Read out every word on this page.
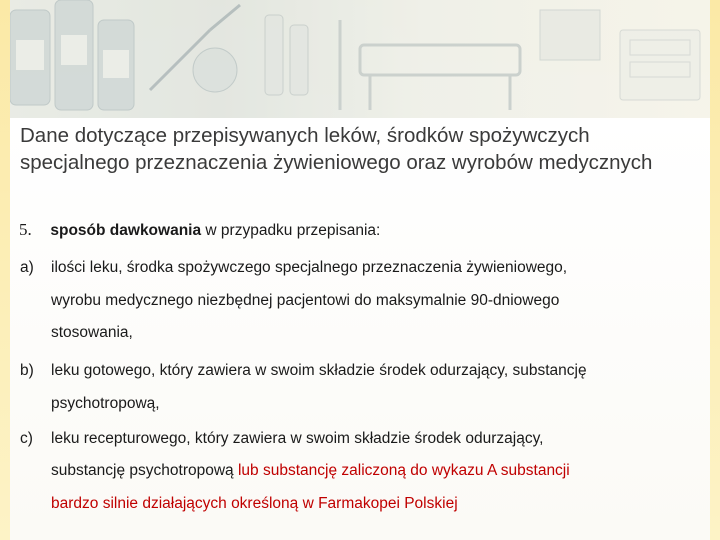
Dane dotyczące przepisywanych leków, środków spożywczych specjalnego przeznaczenia żywieniowego oraz wyrobów medycznych
5. sposób dawkowania w przypadku przepisania:
a) ilości leku, środka spożywczego specjalnego przeznaczenia żywieniowego,
wyrobu medycznego niezbędnej pacjentowi do maksymalnie 90-dniowego
stosowania,
b) leku gotowego, który zawiera w swoim składzie środek odurzający, substancję
psychotropową,
c) leku recepturowego, który zawiera w swoim składzie środek odurzający,
substancję psychotropową lub substancję zaliczoną do wykazu A substancji
bardzo silnie działających określoną w Farmakopei Polskiej
